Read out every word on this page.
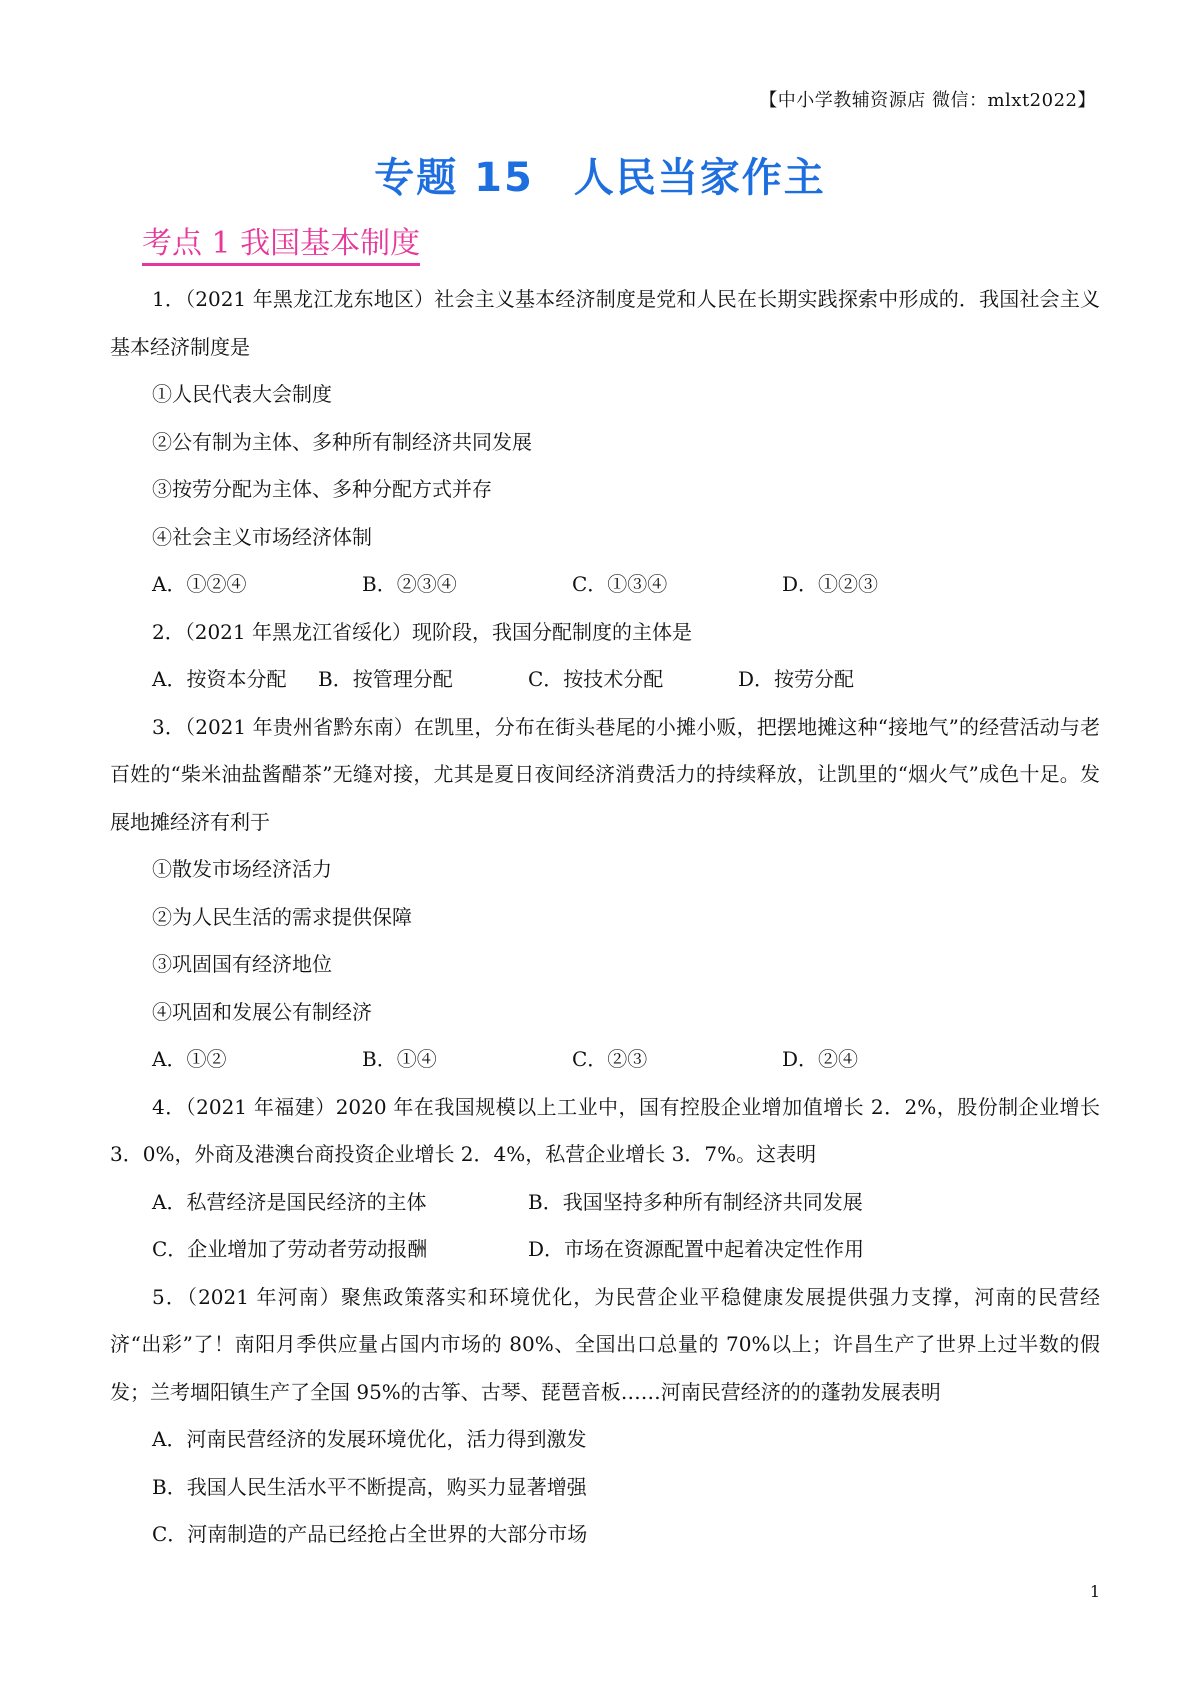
【中小学教辅资源店 微信：mlxt2022】
专题 15 人民当家作主
考点 1 我国基本制度
1．（2021 年黑龙江龙东地区）社会主义基本经济制度是党和人民在长期实践探索中形成的．我国社会主义基本经济制度是
①人民代表大会制度
②公有制为主体、多种所有制经济共同发展
③按劳分配为主体、多种分配方式并存
④社会主义市场经济体制
A．①②④	B．②③④	C．①③④	D．①②③
2．（2021 年黑龙江省绥化）现阶段，我国分配制度的主体是
A．按资本分配	B．按管理分配	C．按技术分配	D．按劳分配
3．（2021 年贵州省黔东南）在凯里，分布在街头巷尾的小摊小贩，把摆地摊这种“接地气”的经营活动与老百姓的“柴米油盐酱醋茶”无缝对接，尤其是夏日夜间经济消费活力的持续释放，让凯里的“烟火气”成色十足。发展地摊经济有利于
①散发市场经济活力
②为人民生活的需求提供保障
③巩固国有经济地位
④巩固和发展公有制经济
A．①②	B．①④	C．②③	D．②④
4．（2021 年福建）2020 年在我国规模以上工业中，国有控股企业增加值增长 2．2%，股份制企业增长 3．0%，外商及港澳台商投资企业增长 2．4%，私营企业增长 3．7%。这表明
A．私营经济是国民经济的主体	B．我国坚持多种所有制经济共同发展
C．企业增加了劳动者劳动报酬	D．市场在资源配置中起着决定性作用
5．（2021 年河南）聚焦政策落实和环境优化，为民营企业平稳健康发展提供强力支撑，河南的民营经济“出彩”了！南阳月季供应量占国内市场的 80%、全国出口总量的 70%以上；许昌生产了世界上过半数的假发；兰考堌阳镇生产了全国 95%的古筝、古琴、琵琶音板……河南民营经济的的蓬勃发展表明
A．河南民营经济的发展环境优化，活力得到激发
B．我国人民生活水平不断提高，购买力显著增强
C．河南制造的产品已经抢占全世界的大部分市场
1
